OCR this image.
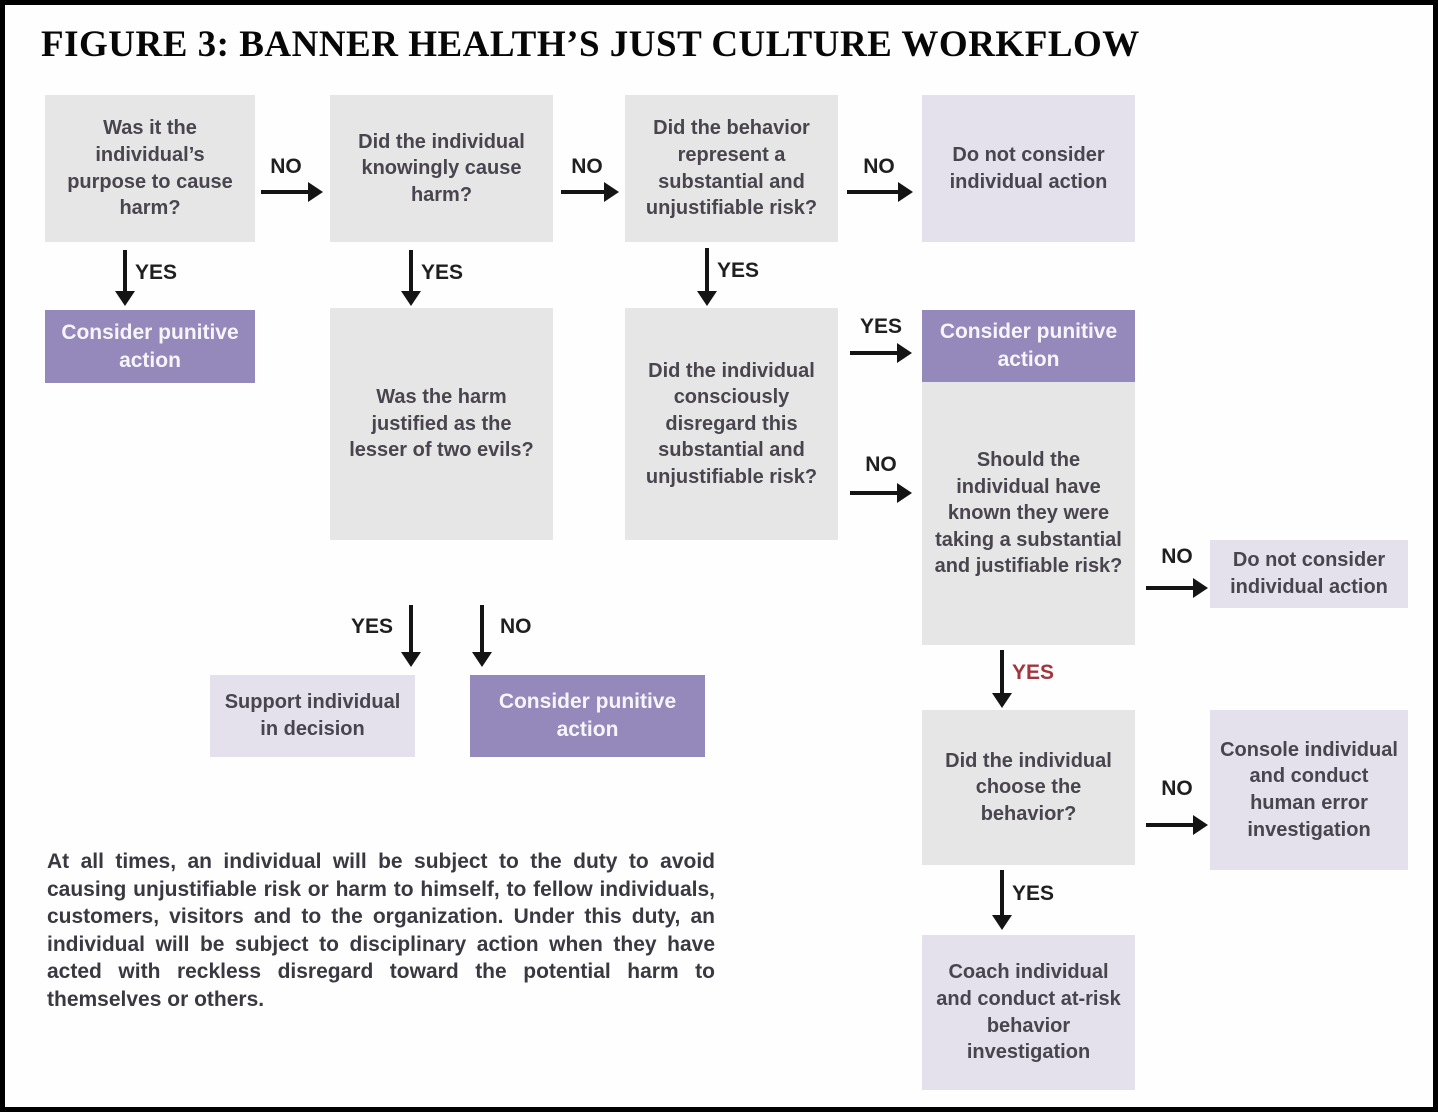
FIGURE 3: BANNER HEALTH’S JUST CULTURE WORKFLOW
Was it the individual’s purpose to cause harm?
Did the individual knowingly cause harm?
Did the behavior represent a substantial and unjustifiable risk?
Do not consider individual action
NO	NO	NO
YES	YES	YES
Consider punitive action
Was the harm justified as the lesser of two evils?
Did the individual consciously disregard this substantial and unjustifiable risk?
Consider punitive action
Should the individual have known they were taking a substantial and justifiable risk?
YES
NO
NO	Do not consider individual action
YES
Did the individual choose the behavior?
NO
Console individual and conduct human error investigation
YES
Coach individual and conduct at-risk behavior investigation
YES	NO
Support individual in decision
Consider punitive action

At all times, an individual will be subject to the duty to avoid causing unjustifiable risk or harm to himself, to fellow individuals, customers, visitors and to the organization. Under this duty, an individual will be subject to disciplinary action when they have acted with reckless disregard toward the potential harm to themselves or others.
